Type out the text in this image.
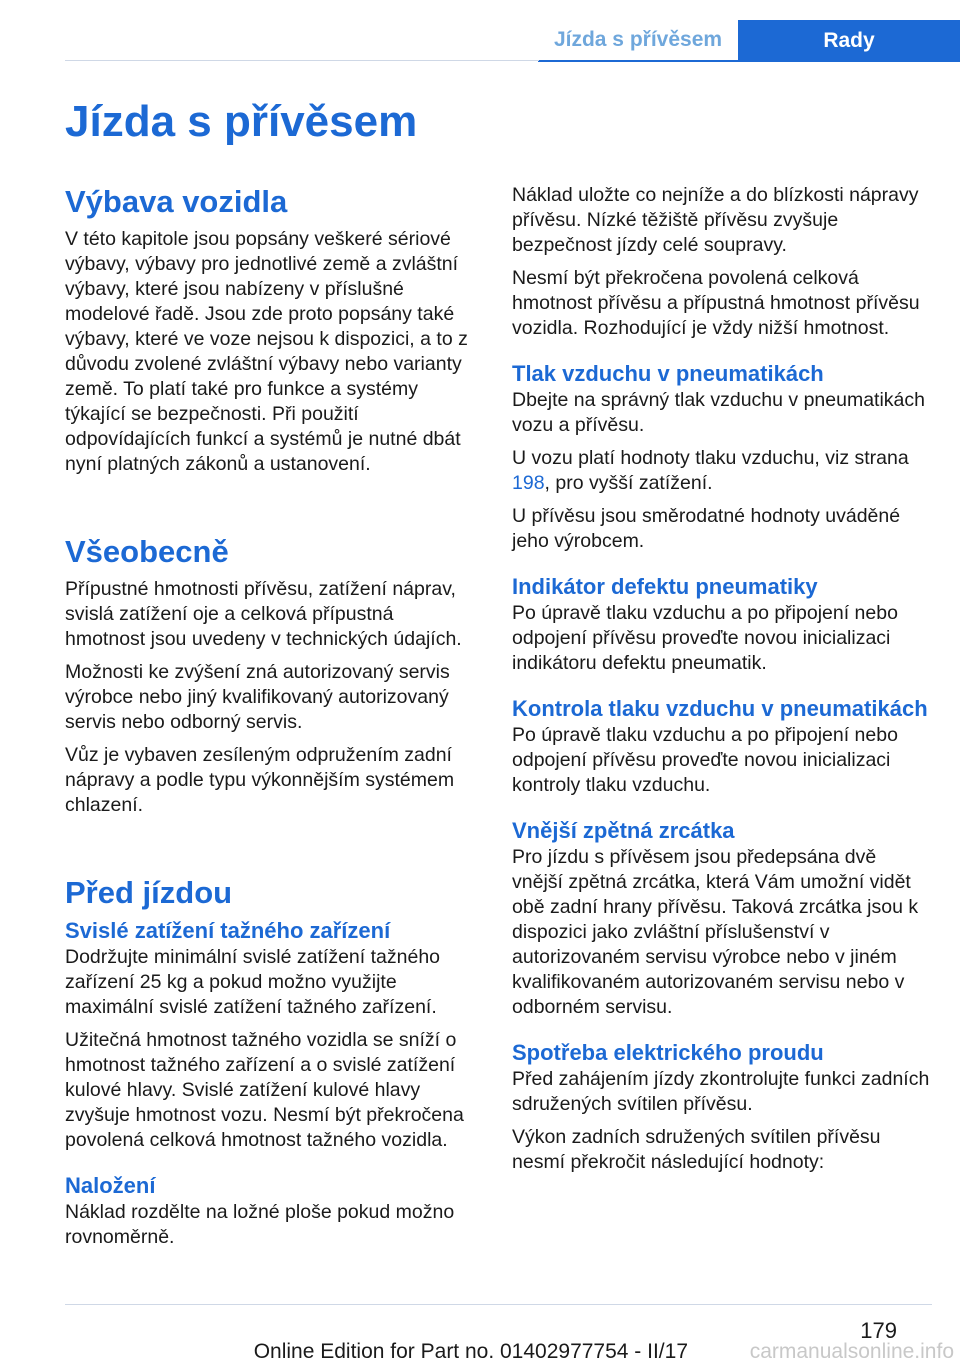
Jízda s přívěsem	Rady
Jízda s přívěsem
Výbava vozidla

V této kapitole jsou popsány veškeré sériové výbavy, výbavy pro jednotlivé země a zvláštní výbavy, které jsou nabízeny v příslušné modelové řadě. Jsou zde proto popsány také výbavy, které ve voze nejsou k dispozici, a to z důvodu zvolené zvláštní výbavy nebo varianty země. To platí také pro funkce a systémy týkající se bezpečnosti. Při použití odpovídajících funkcí a systémů je nutné dbát nyní platných zákonů a ustanovení.

Všeobecně

Přípustné hmotnosti přívěsu, zatížení náprav, svislá zatížení oje a celková přípustná hmotnost jsou uvedeny v technických údajích.

Možnosti ke zvýšení zná autorizovaný servis výrobce nebo jiný kvalifikovaný autorizovaný servis nebo odborný servis.

Vůz je vybaven zesíleným odpružením zadní nápravy a podle typu výkonnějším systémem chlazení.

Před jízdou
Svislé zatížení tažného zařízení

Dodržujte minimální svislé zatížení tažného zařízení 25 kg a pokud možno využijte maximální svislé zatížení tažného zařízení.

Užitečná hmotnost tažného vozidla se sníží o hmotnost tažného zařízení a o svislé zatížení kulové hlavy. Svislé zatížení kulové hlavy zvyšuje hmotnost vozu. Nesmí být překročena povolená celková hmotnost tažného vozidla.

Naložení

Náklad rozdělte na ložné ploše pokud možno rovnoměrně.

Náklad uložte co nejníže a do blízkosti nápravy přívěsu. Nízké těžiště přívěsu zvyšuje bezpečnost jízdy celé soupravy.

Nesmí být překročena povolená celková hmotnost přívěsu a přípustná hmotnost přívěsu vozidla. Rozhodující je vždy nižší hmotnost.

Tlak vzduchu v pneumatikách

Dbejte na správný tlak vzduchu v pneumatikách vozu a přívěsu.

U vozu platí hodnoty tlaku vzduchu, viz strana 198, pro vyšší zatížení.

U přívěsu jsou směrodatné hodnoty uváděné jeho výrobcem.

Indikátor defektu pneumatiky

Po úpravě tlaku vzduchu a po připojení nebo odpojení přívěsu proveďte novou inicializaci indikátoru defektu pneumatik.

Kontrola tlaku vzduchu v pneumatikách

Po úpravě tlaku vzduchu a po připojení nebo odpojení přívěsu proveďte novou inicializaci kontroly tlaku vzduchu.

Vnější zpětná zrcátka

Pro jízdu s přívěsem jsou předepsána dvě vnější zpětná zrcátka, která Vám umožní vidět obě zadní hrany přívěsu. Taková zrcátka jsou k dispozici jako zvláštní příslušenství v autorizovaném servisu výrobce nebo v jiném kvalifikovaném autorizovaném servisu nebo v odborném servisu.

Spotřeba elektrického proudu

Před zahájením jízdy zkontrolujte funkci zadních sdružených svítilen přívěsu.

Výkon zadních sdružených svítilen přívěsu nesmí překročit následující hodnoty:

179
Online Edition for Part no. 01402977754 - II/17	carmanualsonline.info
